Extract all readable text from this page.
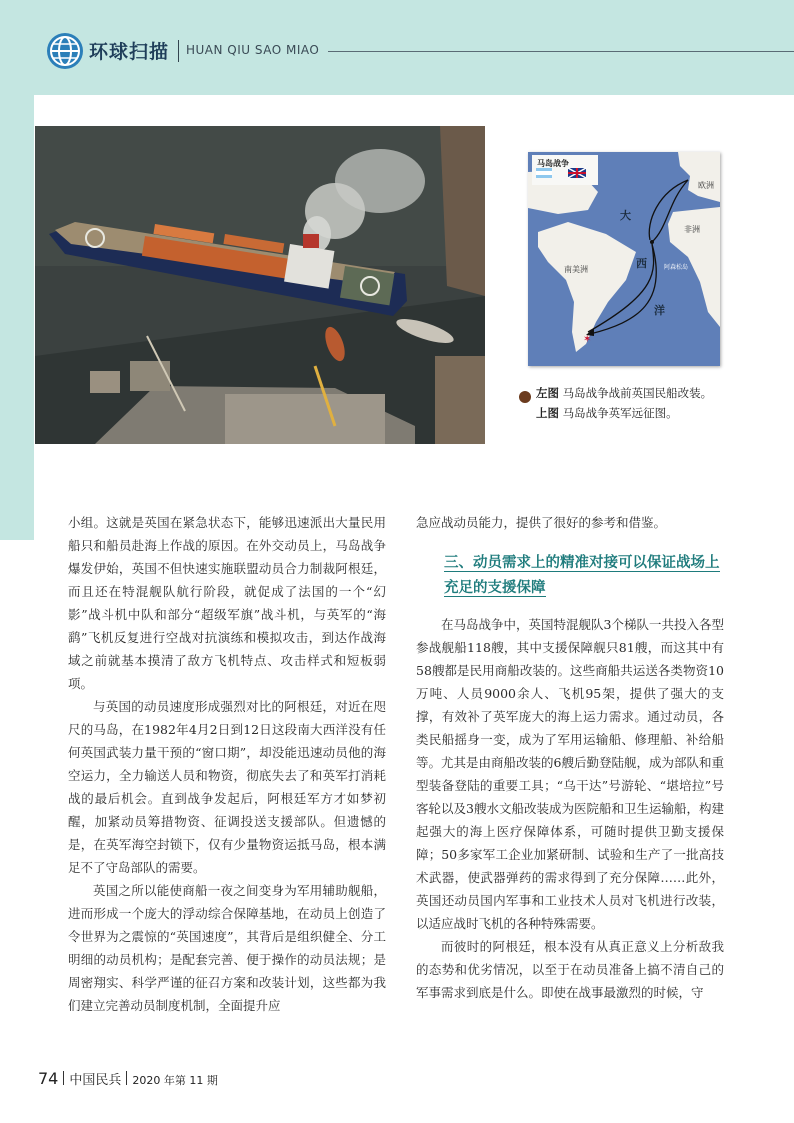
环球扫描 HUAN QIU SAO MIAO
✶
马岛战争
欧洲
非洲
南美洲	阿森松岛
大
西
洋
左图 马岛战争战前英国民船改装。
上图 马岛战争英军远征图。

小组。这就是英国在紧急状态下，能够迅速派出大量民用船只和船员赴海上作战的原因。在外交动员上，马岛战争爆发伊始，英国不但快速实施联盟动员合力制裁阿根廷，而且还在特混舰队航行阶段，就促成了法国的一个“幻影”战斗机中队和部分“超级军旗”战斗机，与英军的“海鹞”飞机反复进行空战对抗演练和模拟攻击，到达作战海域之前就基本摸清了敌方飞机特点、攻击样式和短板弱项。

与英国的动员速度形成强烈对比的阿根廷，对近在咫尺的马岛，在1982年4月2日到12日这段南大西洋没有任何英国武装力量干预的“窗口期”，却没能迅速动员他的海空运力，全力输送人员和物资，彻底失去了和英军打消耗战的最后机会。直到战争发起后，阿根廷军方才如梦初醒，加紧动员筹措物资、征调投送支援部队。但遗憾的是，在英军海空封锁下，仅有少量物资运抵马岛，根本满足不了守岛部队的需要。

英国之所以能使商船一夜之间变身为军用辅助舰船，进而形成一个庞大的浮动综合保障基地，在动员上创造了令世界为之震惊的“英国速度”，其背后是组织健全、分工明细的动员机构；是配套完善、便于操作的动员法规；是周密翔实、科学严谨的征召方案和改装计划，这些都为我们建立完善动员制度机制，全面提升应

急应战动员能力，提供了很好的参考和借鉴。

三、动员需求上的精准对接可以保证战场上充足的支援保障

在马岛战争中，英国特混舰队3个梯队一共投入各型参战舰船118艘，其中支援保障舰只81艘，而这其中有58艘都是民用商船改装的。这些商船共运送各类物资10万吨、人员9000余人、飞机95架，提供了强大的支撑，有效补了英军庞大的海上运力需求。通过动员，各类民船摇身一变，成为了军用运输船、修理船、补给船等。尤其是由商船改装的6艘后勤登陆舰，成为部队和重型装备登陆的重要工具；“乌干达”号游轮、“堪培拉”号客轮以及3艘水文船改装成为医院船和卫生运输船，构建起强大的海上医疗保障体系，可随时提供卫勤支援保障；50多家军工企业加紧研制、试验和生产了一批高技术武器，使武器弹药的需求得到了充分保障……此外，英国还动员国内军事和工业技术人员对飞机进行改装，以适应战时飞机的各种特殊需要。

而彼时的阿根廷，根本没有从真正意义上分析敌我的态势和优劣情况，以至于在动员准备上搞不清自己的军事需求到底是什么。即使在战事最激烈的时候，守

74 中国民兵 2020 年第 11 期
